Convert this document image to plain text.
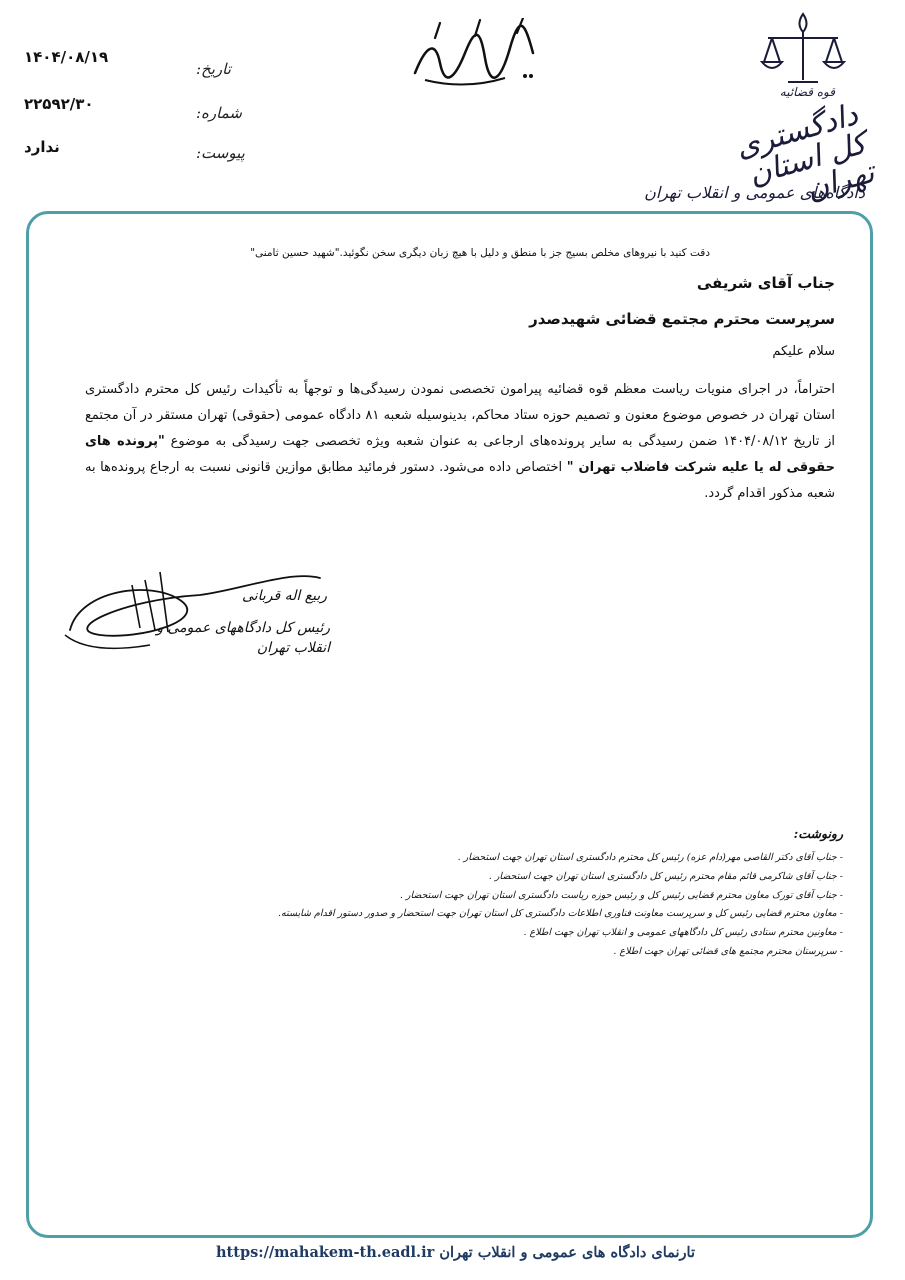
۱۴۰۴/۰۸/۱۹
۲۲۵۹۲/۳۰
ندارد
تاریخ:
شماره:
پیوست:
بسمه تعالی
قوه قضائیه
دادگستری کل استان تهران
دادگاه‌های عمومی و انقلاب تهران
دقت کنید با نیروهای مخلص بسیج جز با منطق و دلیل با هیچ زبان دیگری سخن نگوئید."شهید حسین ثامنی"
جناب آقای شریفی
سرپرست محترم مجتمع قضائی شهیدصدر
سلام علیکم
احتراماً، در اجرای منویات ریاست معظم قوه قضائیه پیرامون تخصصی نمودن رسیدگی‌ها و توجهاً به تأکیدات رئیس کل محترم دادگستری استان تهران در خصوص موضوع معنون و تصمیم حوزه ستاد محاکم، بدینوسیله شعبه ۸۱ دادگاه عمومی (حقوقی) تهران مستقر در آن مجتمع از تاریخ ۱۴۰۴/۰۸/۱۲ ضمن رسیدگی به سایر پرونده‌های ارجاعی به عنوان شعبه ویژه تخصصی جهت رسیدگی به موضوع "پرونده های حقوقی له یا علیه شرکت فاضلاب تهران " اختصاص داده می‌شود. دستور فرمائید مطابق موازین قانونی نسبت به ارجاع پرونده‌ها به شعبه مذکور اقدام گردد.
ربیع اله قربانی
رئیس کل دادگاههای عمومی و انقلاب تهران
رونوشت:
- جناب آقای دکتر القاصی مهر(دام عزه) رئیس کل محترم دادگستری استان تهران جهت استحضار .
- جناب آقای شاکرمی قائم مقام محترم رئیس کل دادگستری استان تهران جهت استحضار .
- جناب آقای تورک معاون محترم قضایی رئیس کل و رئیس حوزه ریاست دادگستری استان تهران جهت استحضار .
- معاون محترم قضایی رئیس کل و سرپرست معاونت فناوری اطلاعات دادگستری کل استان تهران جهت استحضار و صدور دستور اقدام شایسته.
- معاونین محترم ستادی رئیس کل دادگاههای عمومی و انقلاب تهران جهت اطلاع .
- سرپرستان محترم مجتمع های قضائی تهران جهت اطلاع .
https://mahakem-th.eadl.ir تارنمای دادگاه های عمومی و انقلاب تهران
